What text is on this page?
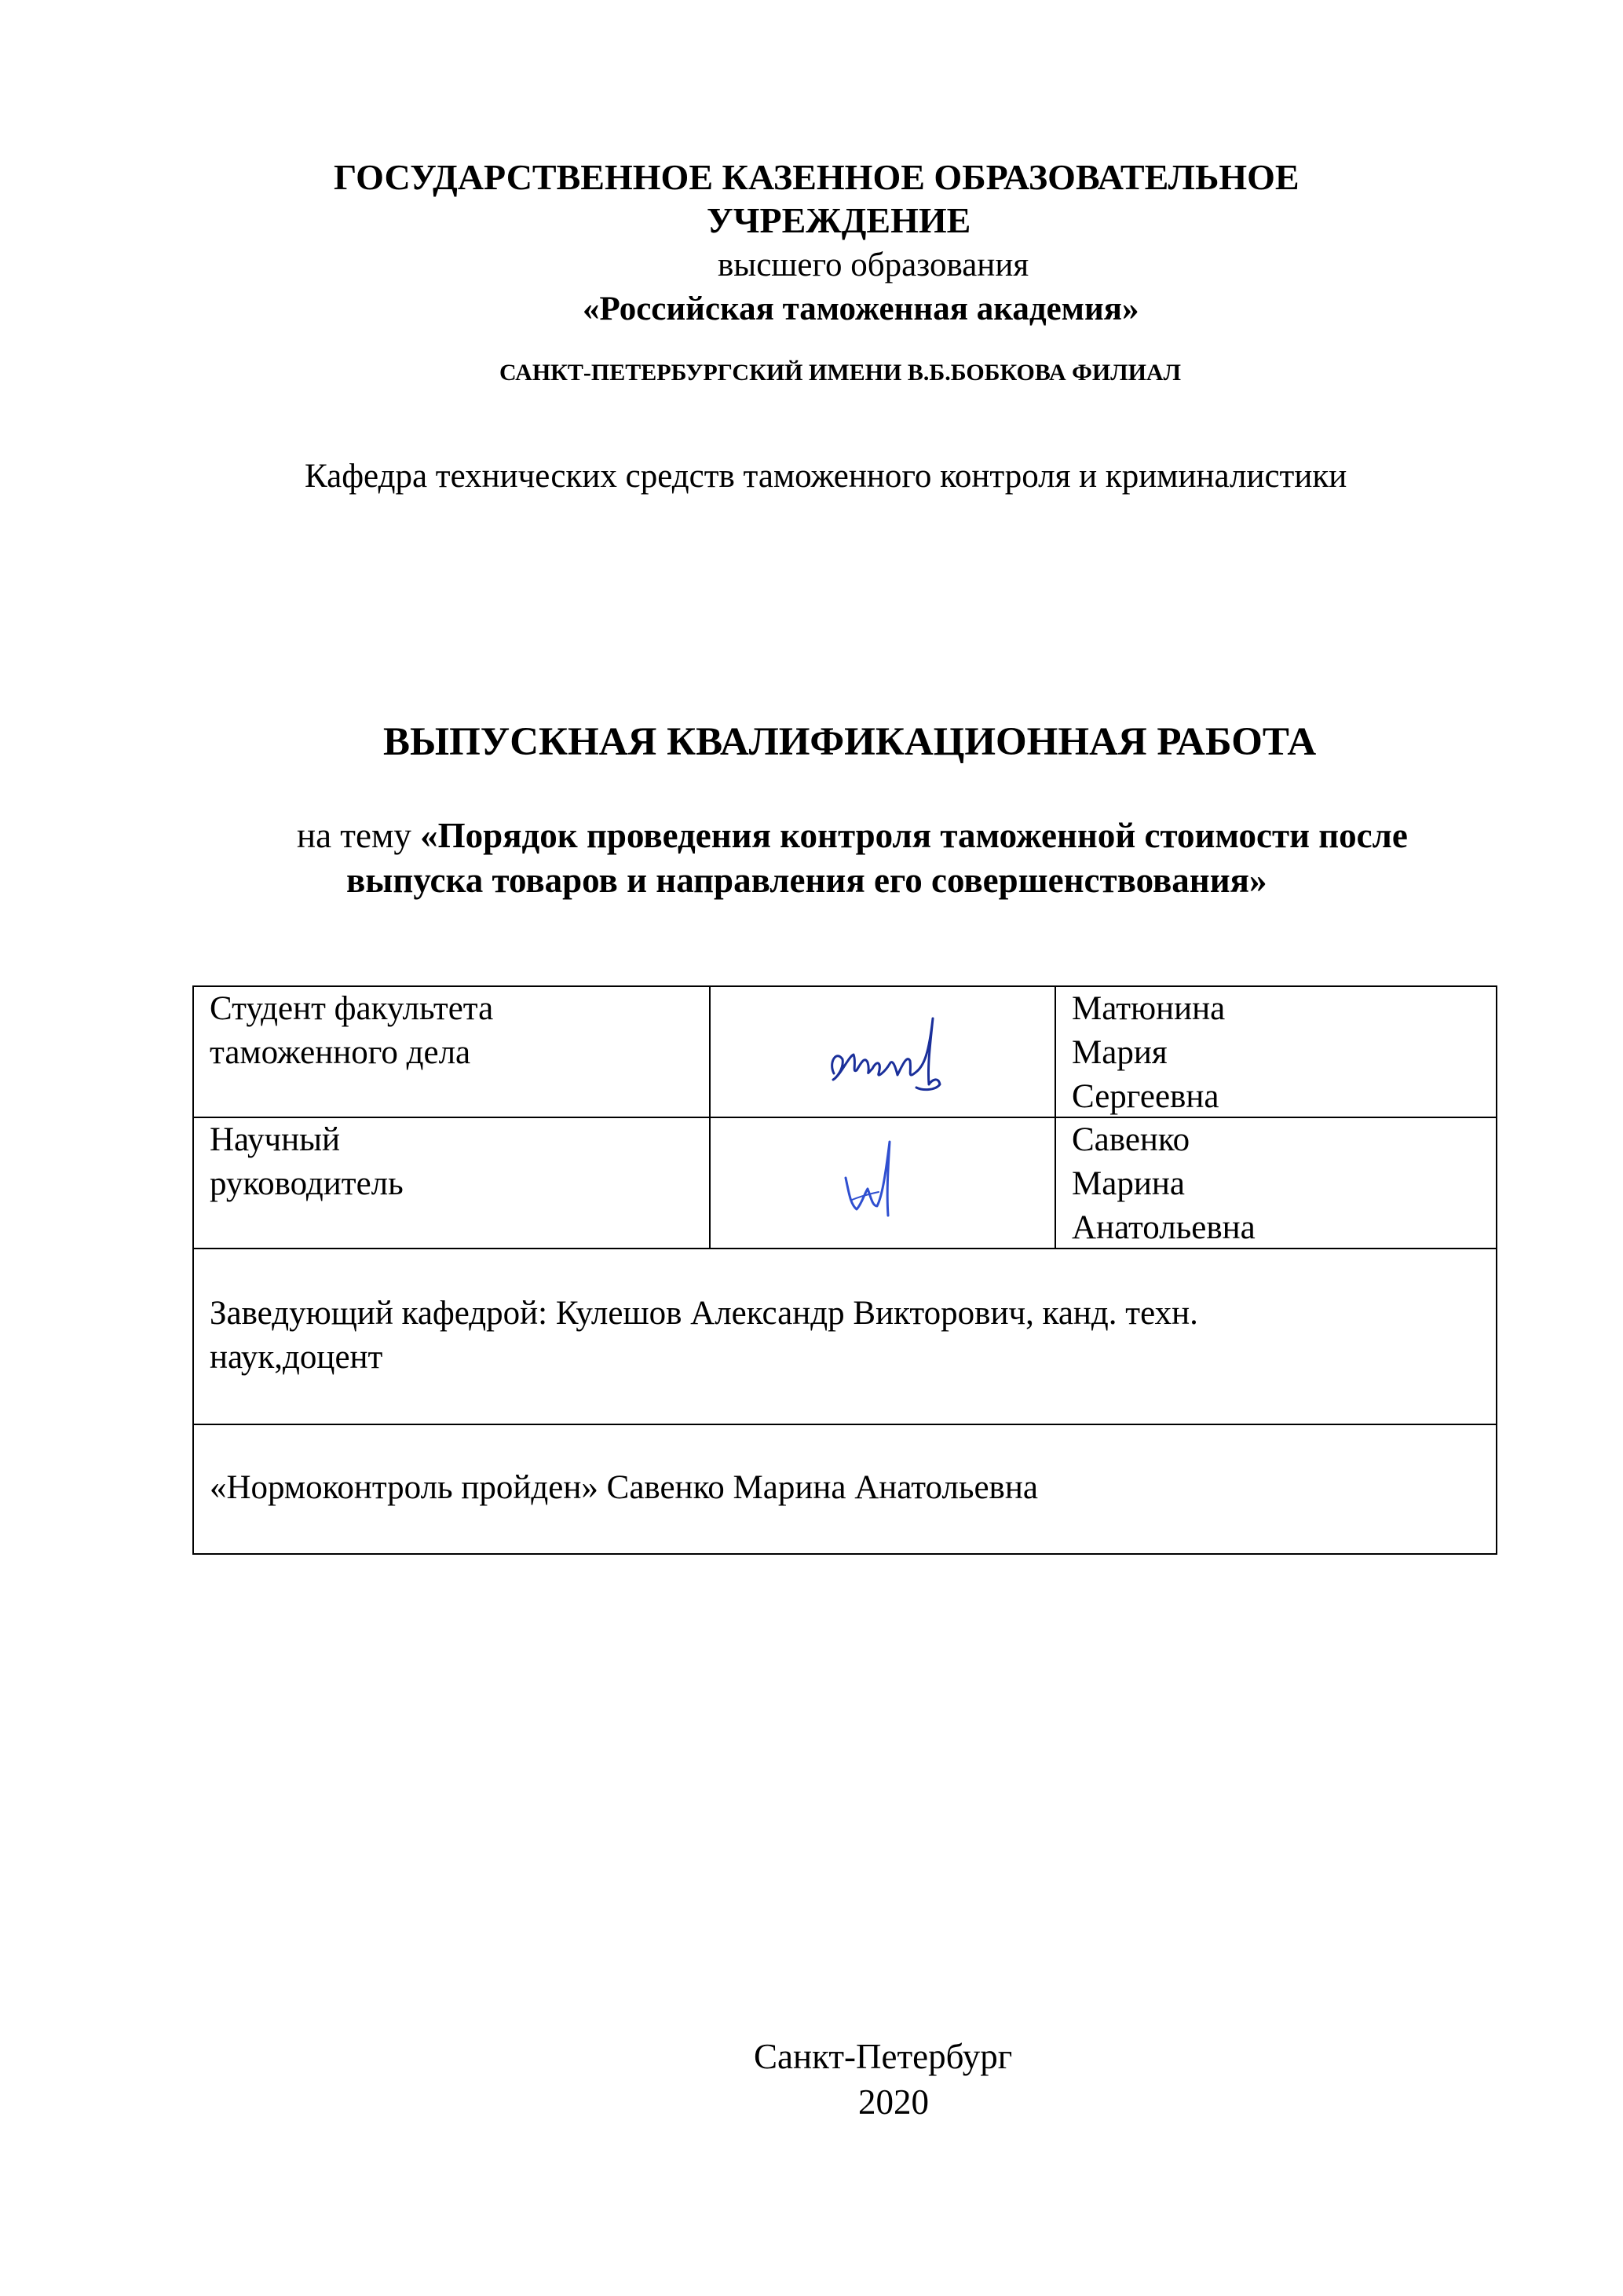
ГОСУДАРСТВЕННОЕ КАЗЕННОЕ ОБРАЗОВАТЕЛЬНОЕ
УЧРЕЖДЕНИЕ
высшего образования
«Российская таможенная академия»
САНКТ-ПЕТЕРБУРГСКИЙ ИМЕНИ В.Б.БОБКОВА ФИЛИАЛ
Кафедра технических средств таможенного контроля и криминалистики
ВЫПУСКНАЯ КВАЛИФИКАЦИОННАЯ РАБОТА
на тему «Порядок проведения контроля таможенной стоимости после
выпуска товаров и направления его совершенствования»
Студент факультета
таможенного дела
Матюнина
Мария
Сергеевна
Научный
руководитель
Савенко
Марина
Анатольевна
Заведующий кафедрой: Кулешов Александр Викторович, канд. техн.
наук,доцент
«Нормоконтроль пройден» Савенко Марина Анатольевна
Санкт-Петербург
2020
